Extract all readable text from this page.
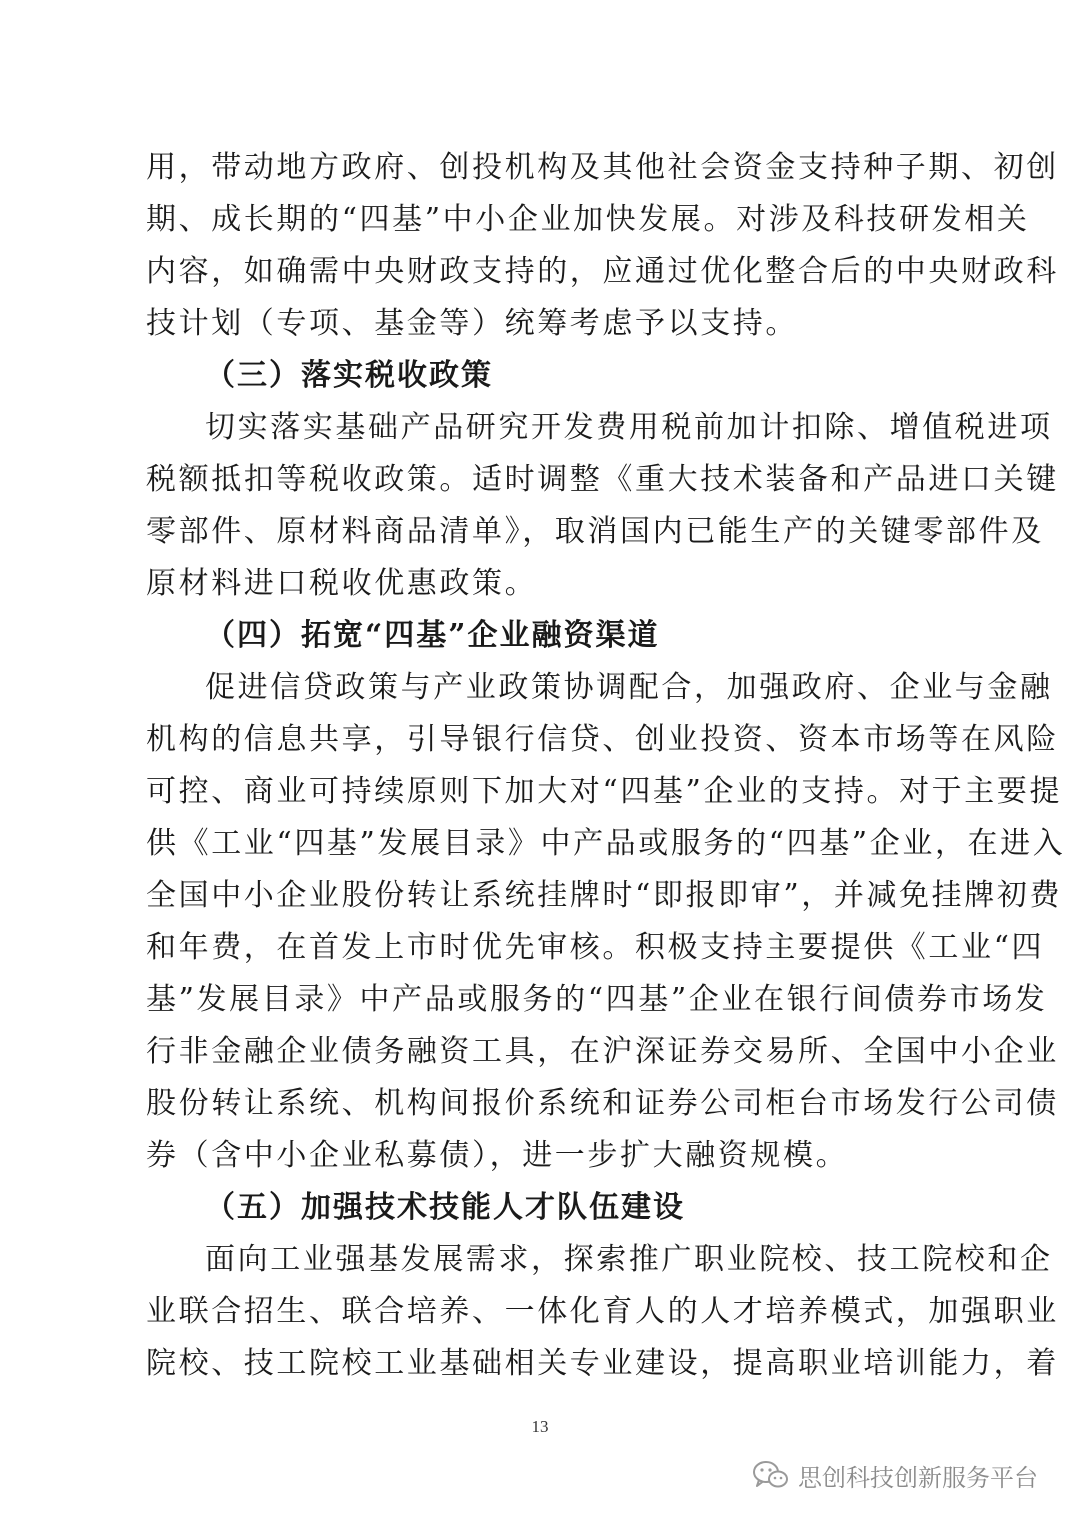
用，带动地方政府、创投机构及其他社会资金支持种子期、初创
期、成长期的“四基”中小企业加快发展。对涉及科技研发相关
内容，如确需中央财政支持的，应通过优化整合后的中央财政科
技计划（专项、基金等）统筹考虑予以支持。
（三）落实税收政策
切实落实基础产品研究开发费用税前加计扣除、增值税进项
税额抵扣等税收政策。适时调整《重大技术装备和产品进口关键
零部件、原材料商品清单》，取消国内已能生产的关键零部件及
原材料进口税收优惠政策。
（四）拓宽“四基”企业融资渠道
促进信贷政策与产业政策协调配合，加强政府、企业与金融
机构的信息共享，引导银行信贷、创业投资、资本市场等在风险
可控、商业可持续原则下加大对“四基”企业的支持。对于主要提
供《工业“四基”发展目录》中产品或服务的“四基”企业，在进入
全国中小企业股份转让系统挂牌时“即报即审”，并减免挂牌初费
和年费，在首发上市时优先审核。积极支持主要提供《工业“四
基”发展目录》中产品或服务的“四基”企业在银行间债券市场发
行非金融企业债务融资工具，在沪深证券交易所、全国中小企业
股份转让系统、机构间报价系统和证券公司柜台市场发行公司债
券（含中小企业私募债），进一步扩大融资规模。
（五）加强技术技能人才队伍建设
面向工业强基发展需求，探索推广职业院校、技工院校和企
业联合招生、联合培养、一体化育人的人才培养模式，加强职业
院校、技工院校工业基础相关专业建设，提高职业培训能力，着
13
思创科技创新服务平台
